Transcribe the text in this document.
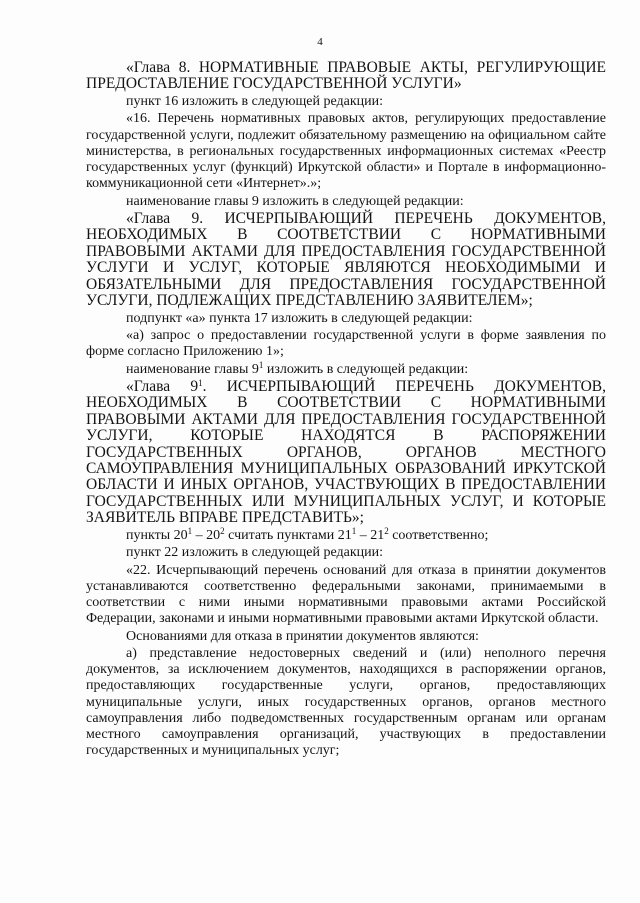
4

«Глава 8. НОРМАТИВНЫЕ ПРАВОВЫЕ АКТЫ, РЕГУЛИРУЮЩИЕ ПРЕДОСТАВЛЕНИЕ ГОСУДАРСТВЕННОЙ УСЛУГИ»

пункт 16 изложить в следующей редакции:

«16. Перечень нормативных правовых актов, регулирующих предоставление государственной услуги, подлежит обязательному размещению на официальном сайте министерства, в региональных государственных информационных системах «Реестр государственных услуг (функций) Иркутской области» и Портале в информационно-коммуникационной сети «Интернет».»;

наименование главы 9 изложить в следующей редакции:

«Глава 9. ИСЧЕРПЫВАЮЩИЙ ПЕРЕЧЕНЬ ДОКУМЕНТОВ, НЕОБХОДИМЫХ В СООТВЕТСТВИИ С НОРМАТИВНЫМИ ПРАВОВЫМИ АКТАМИ ДЛЯ ПРЕДОСТАВЛЕНИЯ ГОСУДАРСТВЕННОЙ УСЛУГИ И УСЛУГ, КОТОРЫЕ ЯВЛЯЮТСЯ НЕОБХОДИМЫМИ И ОБЯЗАТЕЛЬНЫМИ ДЛЯ ПРЕДОСТАВЛЕНИЯ ГОСУДАРСТВЕННОЙ УСЛУГИ, ПОДЛЕЖАЩИХ ПРЕДСТАВЛЕНИЮ ЗАЯВИТЕЛЕМ»;

подпункт «а» пункта 17 изложить в следующей редакции:

«а) запрос о предоставлении государственной услуги в форме заявления по форме согласно Приложению 1»;

наименование главы $9^1$ изложить в следующей редакции:

«Глава $9^1$. ИСЧЕРПЫВАЮЩИЙ ПЕРЕЧЕНЬ ДОКУМЕНТОВ, НЕОБХОДИМЫХ В СООТВЕТСТВИИ С НОРМАТИВНЫМИ ПРАВОВЫМИ АКТАМИ ДЛЯ ПРЕДОСТАВЛЕНИЯ ГОСУДАРСТВЕННОЙ УСЛУГИ, КОТОРЫЕ НАХОДЯТСЯ В РАСПОРЯЖЕНИИ ГОСУДАРСТВЕННЫХ ОРГАНОВ, ОРГАНОВ МЕСТНОГО САМОУПРАВЛЕНИЯ МУНИЦИПАЛЬНЫХ ОБРАЗОВАНИЙ ИРКУТСКОЙ ОБЛАСТИ И ИНЫХ ОРГАНОВ, УЧАСТВУЮЩИХ В ПРЕДОСТАВЛЕНИИ ГОСУДАРСТВЕННЫХ ИЛИ МУНИЦИПАЛЬНЫХ УСЛУГ, И КОТОРЫЕ ЗАЯВИТЕЛЬ ВПРАВЕ ПРЕДСТАВИТЬ»;

пункты $20^1 - 20^2$ считать пунктами $21^1 - 21^2$ соответственно;

пункт 22 изложить в следующей редакции:

«22. Исчерпывающий перечень оснований для отказа в принятии документов устанавливаются соответственно федеральными законами, принимаемыми в соответствии с ними иными нормативными правовыми актами Российской Федерации, законами и иными нормативными правовыми актами Иркутской области.

Основаниями для отказа в принятии документов являются:

а) представление недостоверных сведений и (или) неполного перечня документов, за исключением документов, находящихся в распоряжении органов, предоставляющих государственные услуги, органов, предоставляющих муниципальные услуги, иных государственных органов, органов местного самоуправления либо подведомственных государственным органам или органам местного самоуправления организаций, участвующих в предоставлении государственных и муниципальных услуг;
